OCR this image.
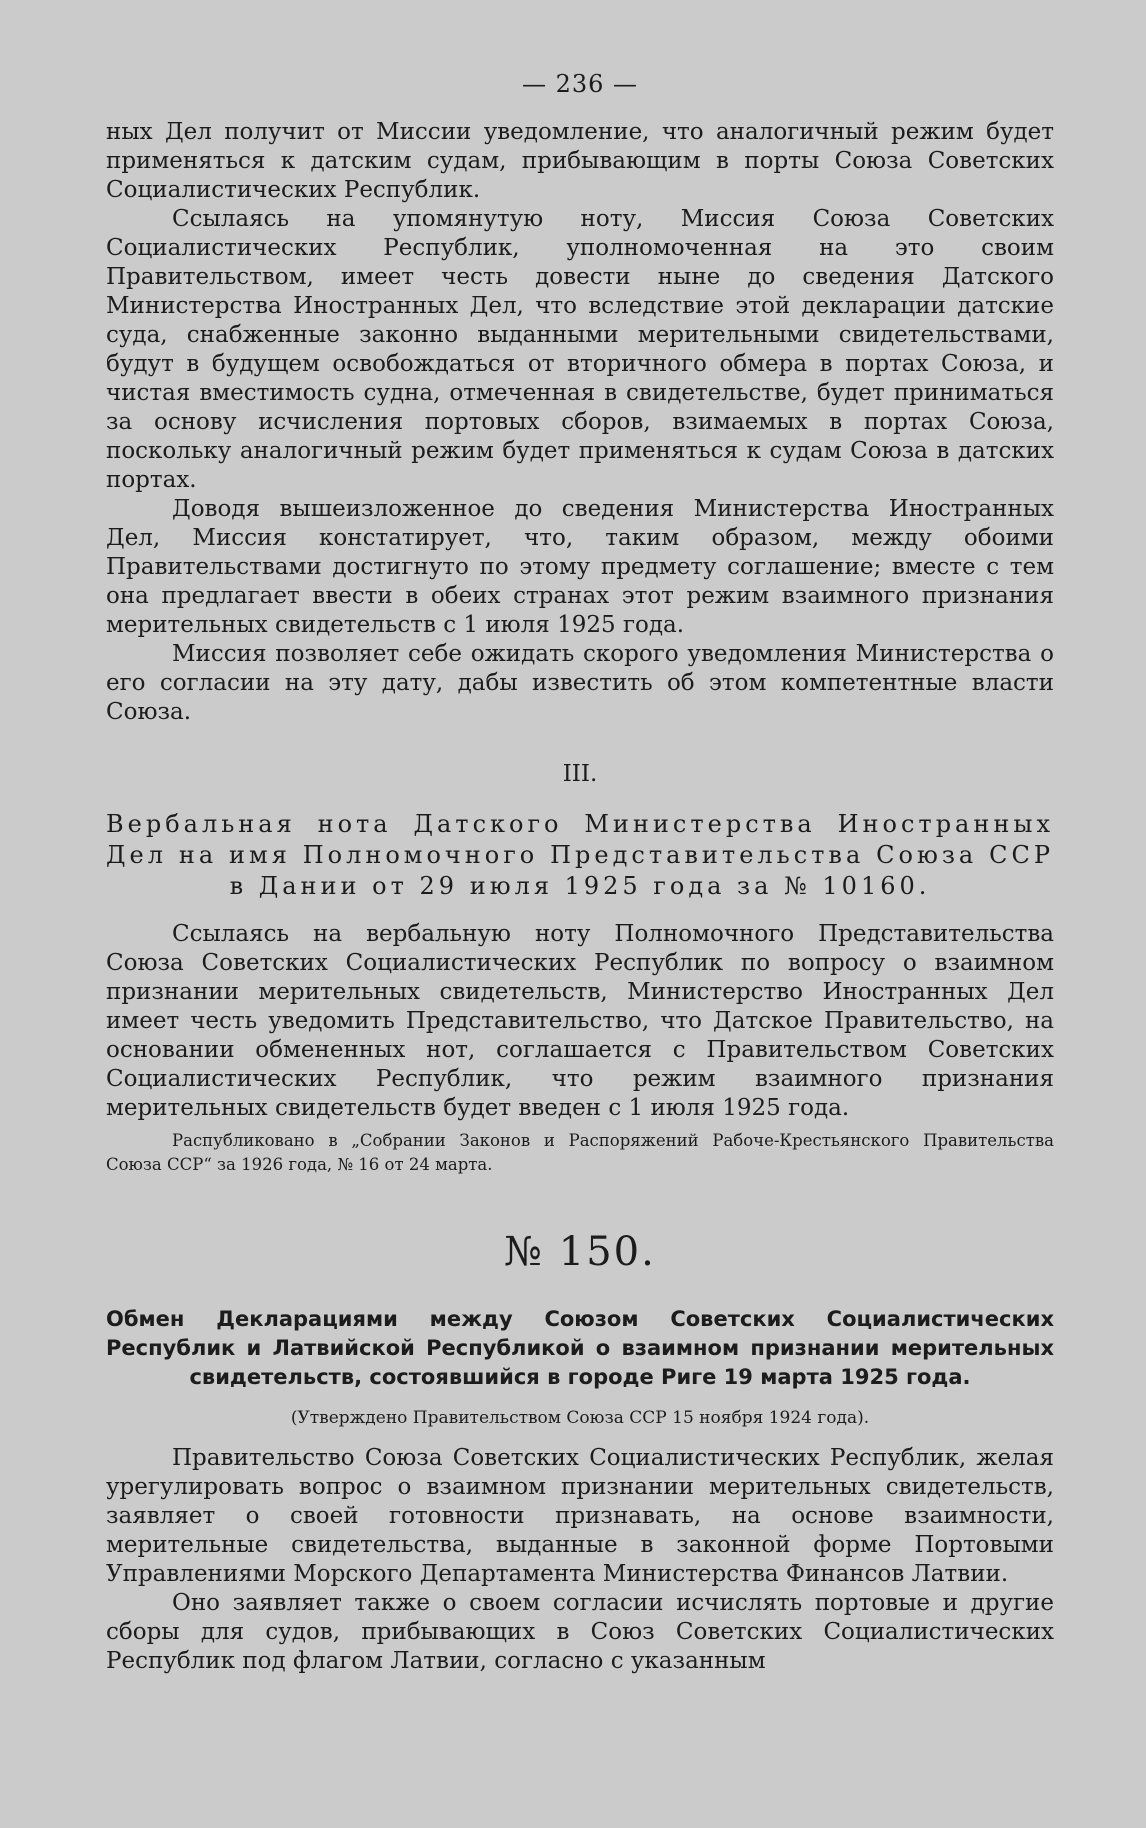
— 236 —

ных Дел получит от Миссии уведомление, что аналогичный режим будет применяться к датским судам, прибывающим в порты Союза Советских Социалистических Республик.

Ссылаясь на упомянутую ноту, Миссия Союза Советских Социалистических Республик, уполномоченная на это своим Правительством, имеет честь довести ныне до сведения Датского Министерства Иностранных Дел, что вследствие этой декларации датские суда, снабженные законно выданными мерительными свидетельствами, будут в будущем освобождаться от вторичного обмера в портах Союза, и чистая вместимость судна, отмеченная в свидетельстве, будет приниматься за основу исчисления портовых сборов, взимаемых в портах Союза, поскольку аналогичный режим будет применяться к судам Союза в датских портах.

Доводя вышеизложенное до сведения Министерства Иностранных Дел, Миссия констатирует, что, таким образом, между обоими Правительствами достигнуто по этому предмету соглашение; вместе с тем она предлагает ввести в обеих странах этот режим взаимного признания мерительных свидетельств с 1 июля 1925 года.

Миссия позволяет себе ожидать скорого уведомления Министерства о его согласии на эту дату, дабы известить об этом компетентные власти Союза.

III.

Вербальная нота Датского Министерства Иностранных Дел на имя Полномочного Представительства Союза ССР в Дании от 29 июля 1925 года за № 10160.

Ссылаясь на вербальную ноту Полномочного Представительства Союза Советских Социалистических Республик по вопросу о взаимном признании мерительных свидетельств, Министерство Иностранных Дел имеет честь уведомить Представительство, что Датское Правительство, на основании обмененных нот, соглашается с Правительством Советских Социалистических Республик, что режим взаимного признания мерительных свидетельств будет введен с 1 июля 1925 года.

Распубликовано в „Собрании Законов и Распоряжений Рабоче-Крестьянского Правительства Союза ССР“ за 1926 года, № 16 от 24 марта.

№ 150.

Обмен Декларациями между Союзом Советских Социалистических Республик и Латвийской Республикой о взаимном признании мерительных свидетельств, состоявшийся в городе Риге 19 марта 1925 года.

(Утверждено Правительством Союза ССР 15 ноября 1924 года).

Правительство Союза Советских Социалистических Республик, желая урегулировать вопрос о взаимном признании мерительных свидетельств, заявляет о своей готовности признавать, на основе взаимности, мерительные свидетельства, выданные в законной форме Портовыми Управлениями Морского Департамента Министерства Финансов Латвии.

Оно заявляет также о своем согласии исчислять портовые и другие сборы для судов, прибывающих в Союз Советских Социалистических Республик под флагом Латвии, согласно с указанным
